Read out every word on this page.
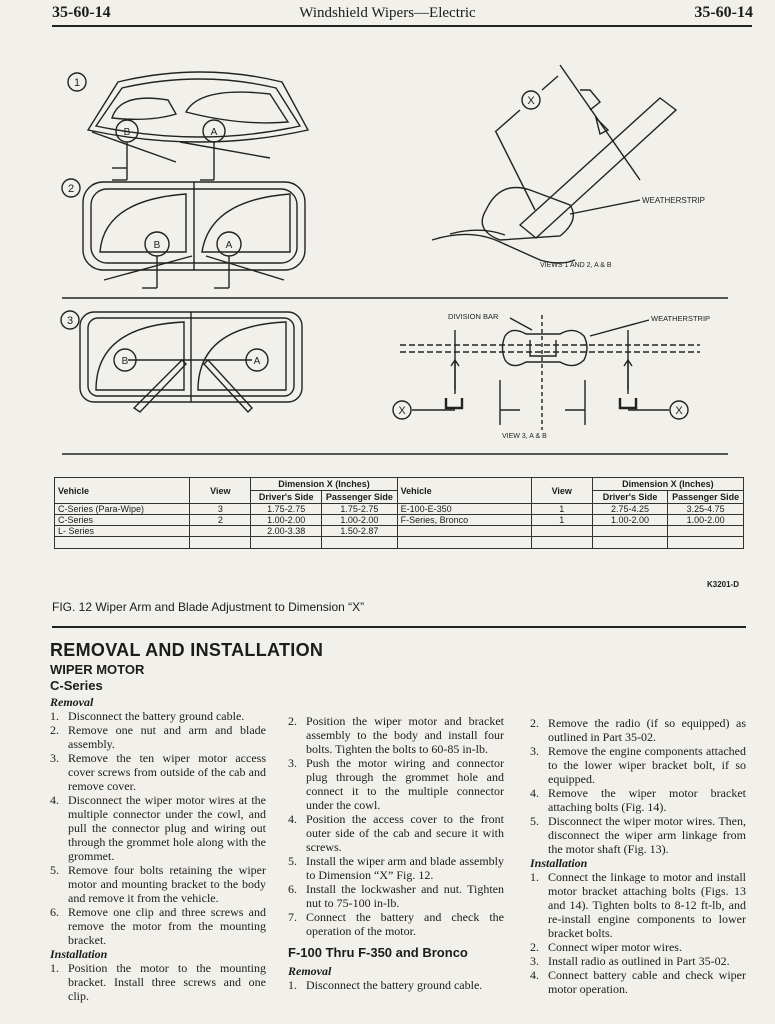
35-60-14	Windshield Wipers—Electric	35-60-14
1
B	A
2
B	A
X
WEATHERSTRIP
VIEWS 1 AND 2, A & B
3
B	A
DIVISION BAR	WEATHERSTRIP
X	X
VIEW 3, A & B
Vehicle	View	Dimension X (Inches)		Vehicle	View	Dimension X (Inches)	
		Driver's Side	Passenger Side			Driver's Side	Passenger Side
C-Series (Para-Wipe)	3	1.75-2.75	1.75-2.75	E-100-E-350	1	2.75-4.25	3.25-4.75
C-Series	2	1.00-2.00	1.00-2.00	F-Series, Bronco	1	1.00-2.00	1.00-2.00
L- Series		2.00-3.38	1.50-2.87				

K3201-D
FIG. 12 Wiper Arm and Blade Adjustment to Dimension “X”
REMOVAL AND INSTALLATION
WIPER MOTOR
C-Series

Removal

1. Disconnect the battery ground cable.
2. Remove one nut and arm and blade assembly.
3. Remove the ten wiper motor access cover screws from outside of the cab and remove cover.
4. Disconnect the wiper motor wires at the multiple connector under the cowl, and pull the connector plug and wiring out through the grommet hole along with the grommet.
5. Remove four bolts retaining the wiper motor and mounting bracket to the body and remove it from the vehicle.
6. Remove one clip and three screws and remove the motor from the mounting bracket.

Installation

1. Position the motor to the mounting bracket. Install three screws and one clip.
2. Position the wiper motor and bracket assembly to the body and install four bolts. Tighten the bolts to 60-85 in-lb.
3. Push the motor wiring and connector plug through the grommet hole and connect it to the multiple connector under the cowl.
4. Position the access cover to the front outer side of the cab and secure it with screws.
5. Install the wiper arm and blade assembly to Dimension “X” Fig. 12.
6. Install the lockwasher and nut. Tighten nut to 75-100 in-lb.
7. Connect the battery and check the operation of the motor.

F-100 Thru F-350 and Bronco

Removal

1. Disconnect the battery ground cable.
2. Remove the radio (if so equipped) as outlined in Part 35-02.
3. Remove the engine components attached to the lower wiper bracket bolt, if so equipped.
4. Remove the wiper motor bracket attaching bolts (Fig. 14).
5. Disconnect the wiper motor wires. Then, disconnect the wiper arm linkage from the motor shaft (Fig. 13).

Installation

1. Connect the linkage to motor and install motor bracket attaching bolts (Figs. 13 and 14). Tighten bolts to 8-12 ft-lb, and re-install engine components to lower bracket bolts.
2. Connect wiper motor wires.
3. Install radio as outlined in Part 35-02.
4. Connect battery cable and check wiper motor operation.
